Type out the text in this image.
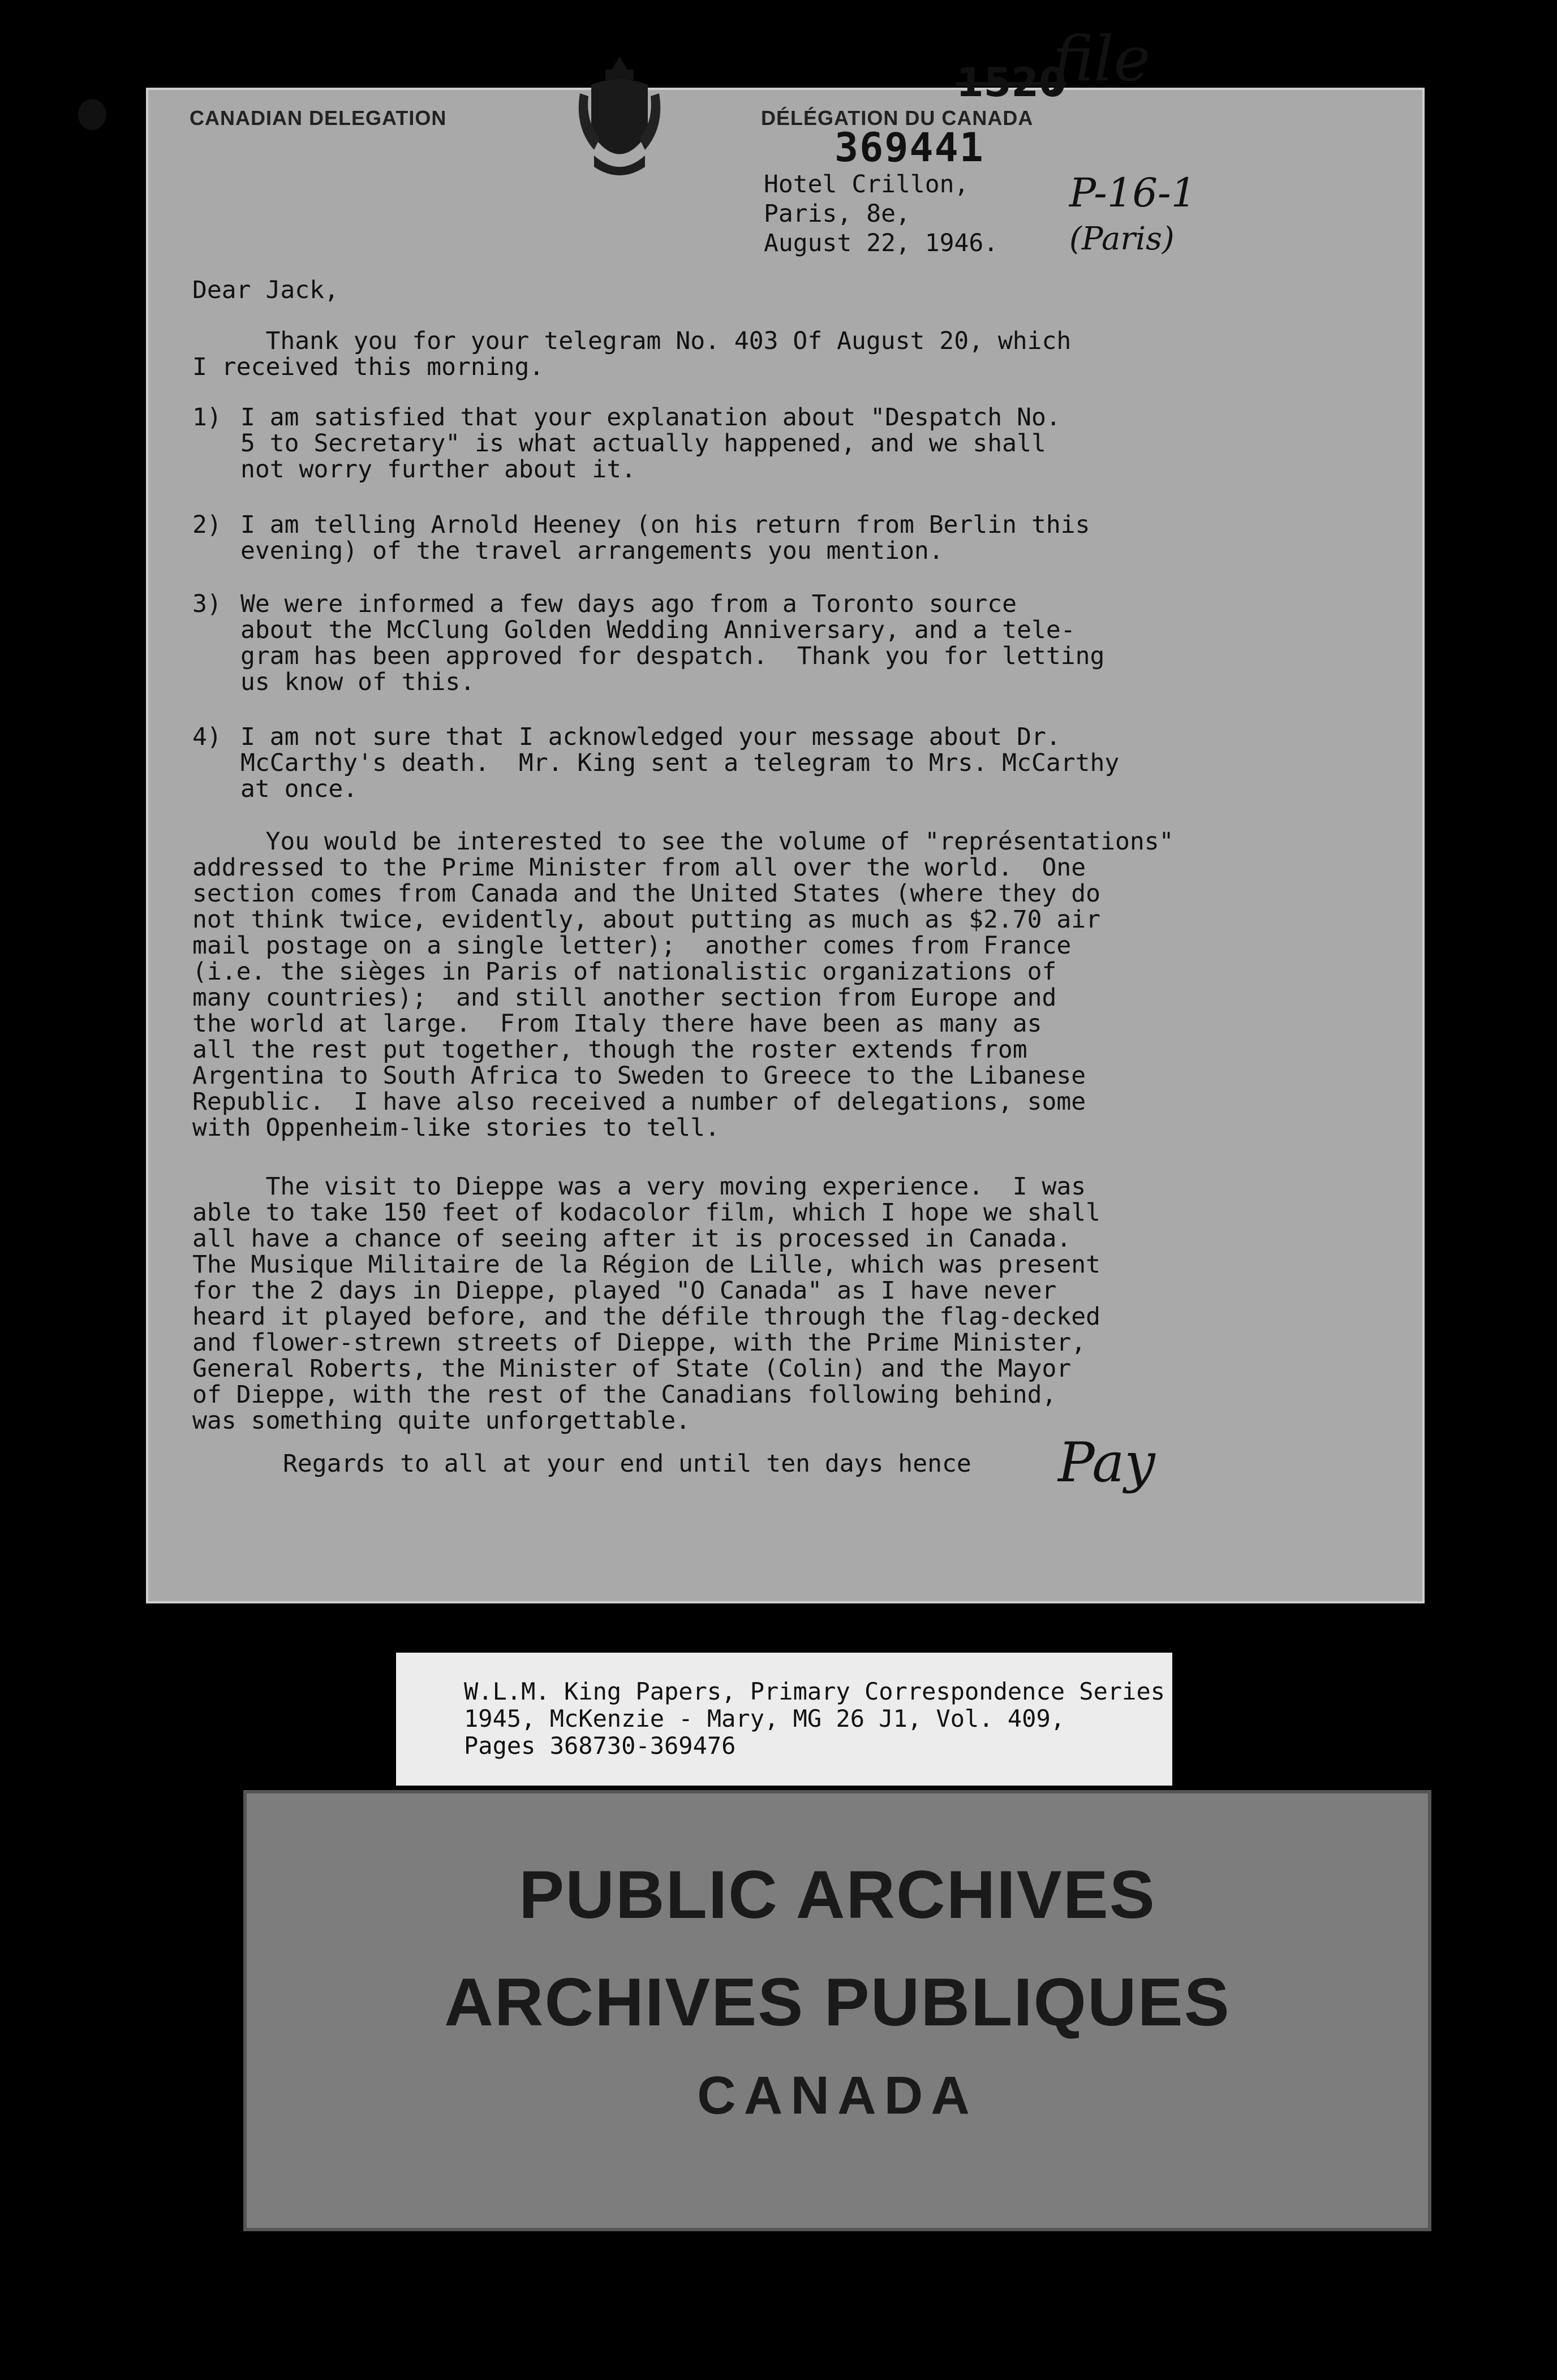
CANADIAN DELEGATION	DÉLÉGATION DU CANADA
1520
file
369441
P-16-1
(Paris)
Hotel Crillon,
Paris, 8e,
August 22, 1946.

Dear Jack,

Thank you for your telegram No. 403 Of August 20, which
I received this morning.

1) I am satisfied that your explanation about "Despatch No.
5 to Secretary" is what actually happened, and we shall
not worry further about it.
2) I am telling Arnold Heeney (on his return from Berlin this
evening) of the travel arrangements you mention.
3) We were informed a few days ago from a Toronto source
about the McClung Golden Wedding Anniversary, and a tele-
gram has been approved for despatch.  Thank you for letting
us know of this.
4) I am not sure that I acknowledged your message about Dr.
McCarthy's death.  Mr. King sent a telegram to Mrs. McCarthy
at once.

You would be interested to see the volume of "représentations"
addressed to the Prime Minister from all over the world.  One
section comes from Canada and the United States (where they do
not think twice, evidently, about putting as much as $2.70 air
mail postage on a single letter);  another comes from France
(i.e. the sièges in Paris of nationalistic organizations of
many countries);  and still another section from Europe and
the world at large.  From Italy there have been as many as
all the rest put together, though the roster extends from
Argentina to South Africa to Sweden to Greece to the Libanese
Republic.  I have also received a number of delegations, some
with Oppenheim-like stories to tell.

The visit to Dieppe was a very moving experience.  I was
able to take 150 feet of kodacolor film, which I hope we shall
all have a chance of seeing after it is processed in Canada.
The Musique Militaire de la Région de Lille, which was present
for the 2 days in Dieppe, played "O Canada" as I have never
heard it played before, and the défile through the flag-decked
and flower-strewn streets of Dieppe, with the Prime Minister,
General Roberts, the Minister of State (Colin) and the Mayor
of Dieppe, with the rest of the Canadians following behind,
was something quite unforgettable.

Regards to all at your end until ten days hence	Pay

W.L.M. King Papers, Primary Correspondence Series

1945, McKenzie - Mary, MG 26 J1, Vol. 409,

Pages 368730-369476

PUBLIC ARCHIVES
ARCHIVES PUBLIQUES
CANADA
